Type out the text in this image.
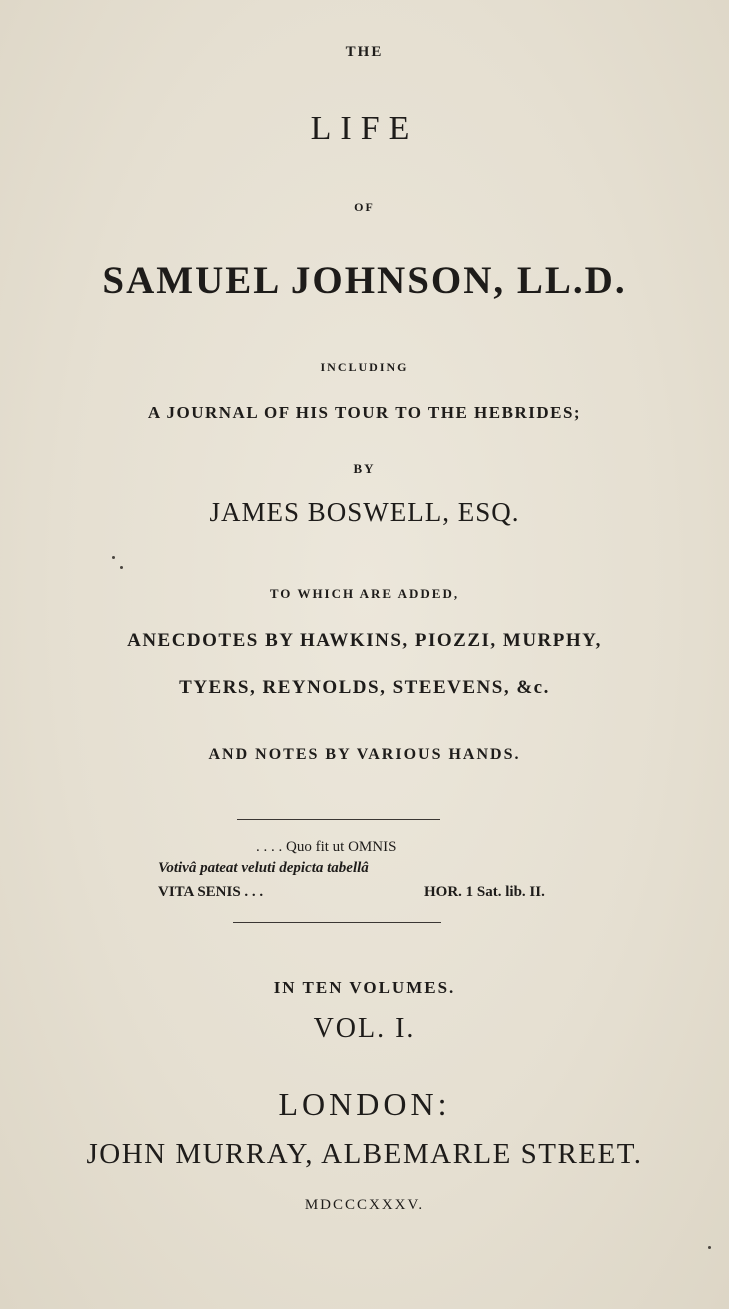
THE
LIFE
OF
SAMUEL JOHNSON, LL.D.
INCLUDING
A JOURNAL OF HIS TOUR TO THE HEBRIDES;
BY
JAMES BOSWELL, ESQ.
TO WHICH ARE ADDED,
ANECDOTES BY HAWKINS, PIOZZI, MURPHY,
TYERS, REYNOLDS, STEEVENS, &c.
AND NOTES BY VARIOUS HANDS.
. . . . Quo fit ut OMNIS
Votivâ pateat veluti depicta tabellâ
VITA SENIS . . .	HOR. 1 Sat. lib. II.
IN TEN VOLUMES.
VOL. I.
LONDON:
JOHN MURRAY, ALBEMARLE STREET.
MDCCCXXXV.
